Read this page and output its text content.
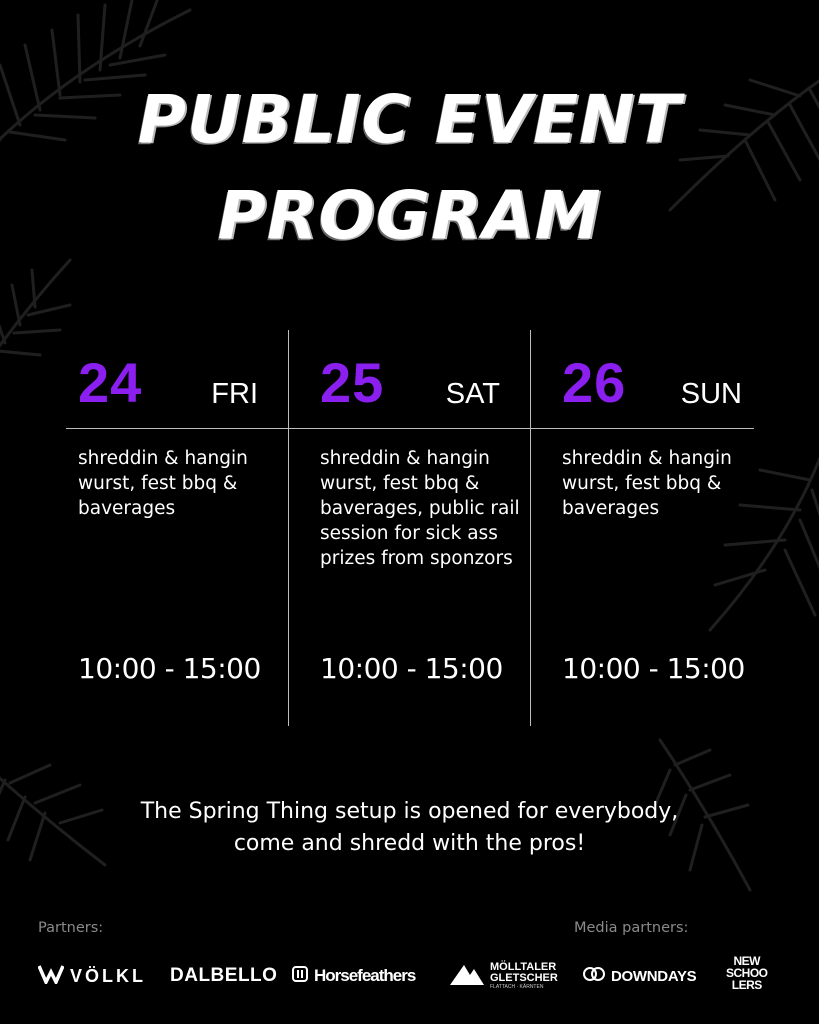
PUBLIC EVENT
PROGRAM
24 FRI
shreddin & hangin wurst, fest bbq & baverages
10:00 - 15:00
25 SAT
shreddin & hangin wurst, fest bbq & baverages, public rail session for sick ass prizes from sponzors
10:00 - 15:00
26 SUN
shreddin & hangin wurst, fest bbq & baverages
10:00 - 15:00
The Spring Thing setup is opened for everybody,
come and shredd with the pros!
Partners:	Media partners:
VÖLKL DALBELLO Horsefeathers	MÖLLTALER GLETSCHER
FLATTACH · KÄRNTEN
DOWNDAYS
NEW
SCHOO
LERS
